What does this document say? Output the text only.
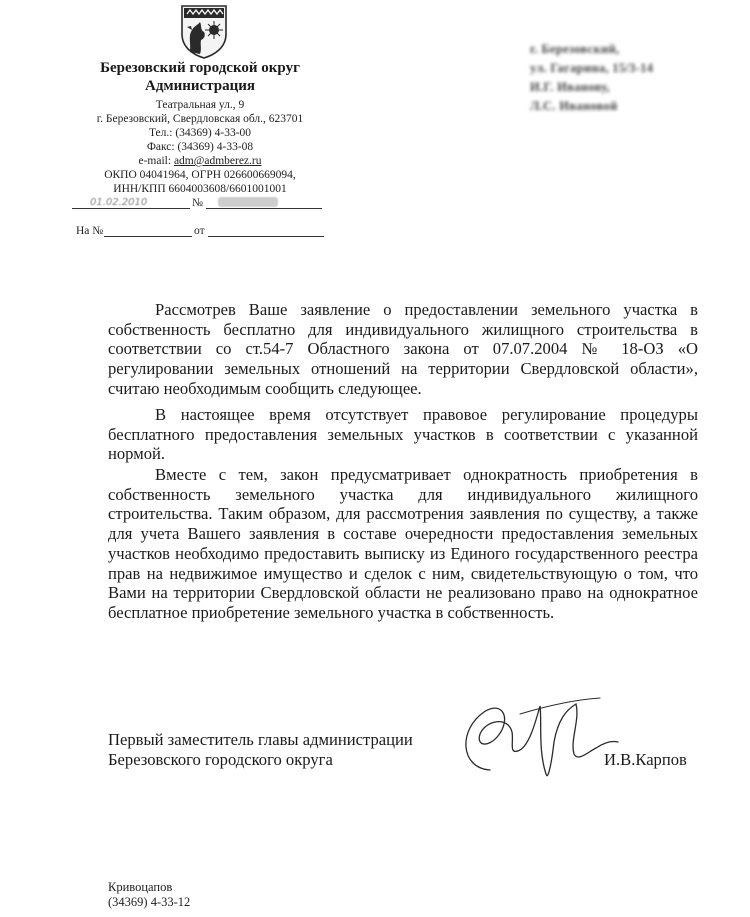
Березовский городской округ
Администрация
Театральная ул., 9
г. Березовский, Свердловская обл., 623701
Тел.: (34369) 4-33-00
Факс: (34369) 4-33-08
e-mail: adm@admberez.ru
ОКПО 04041964, ОГРН 026600669094,
ИНН/КПП 6604003608/6601001001
01.02.2010	№
На №	от
г. Березовский,
ул. Гагарина, 15/3-14
И.Г. Иванову,
Л.С. Ивановой
Рассмотрев Ваше заявление о предоставлении земельного участка в собственность бесплатно для индивидуального жилищного строительства в соответствии со ст.54-7 Областного закона от 07.07.2004 № 18-ОЗ «О регулировании земельных отношений на территории Свердловской области», считаю необходимым сообщить следующее.
В настоящее время отсутствует правовое регулирование процедуры бесплатного предоставления земельных участков в соответствии с указанной нормой.
Вместе с тем, закон предусматривает однократность приобретения в собственность земельного участка для индивидуального жилищного строительства. Таким образом, для рассмотрения заявления по существу, а также для учета Вашего заявления в составе очередности предоставления земельных участков необходимо предоставить выписку из Единого государственного реестра прав на недвижимое имущество и сделок с ним, свидетельствующую о том, что Вами на территории Свердловской области не реализовано право на однократное бесплатное приобретение земельного участка в собственность.
Первый заместитель главы администрации
Березовского городского округа	И.В.Карпов
Кривоцапов
(34369) 4-33-12
